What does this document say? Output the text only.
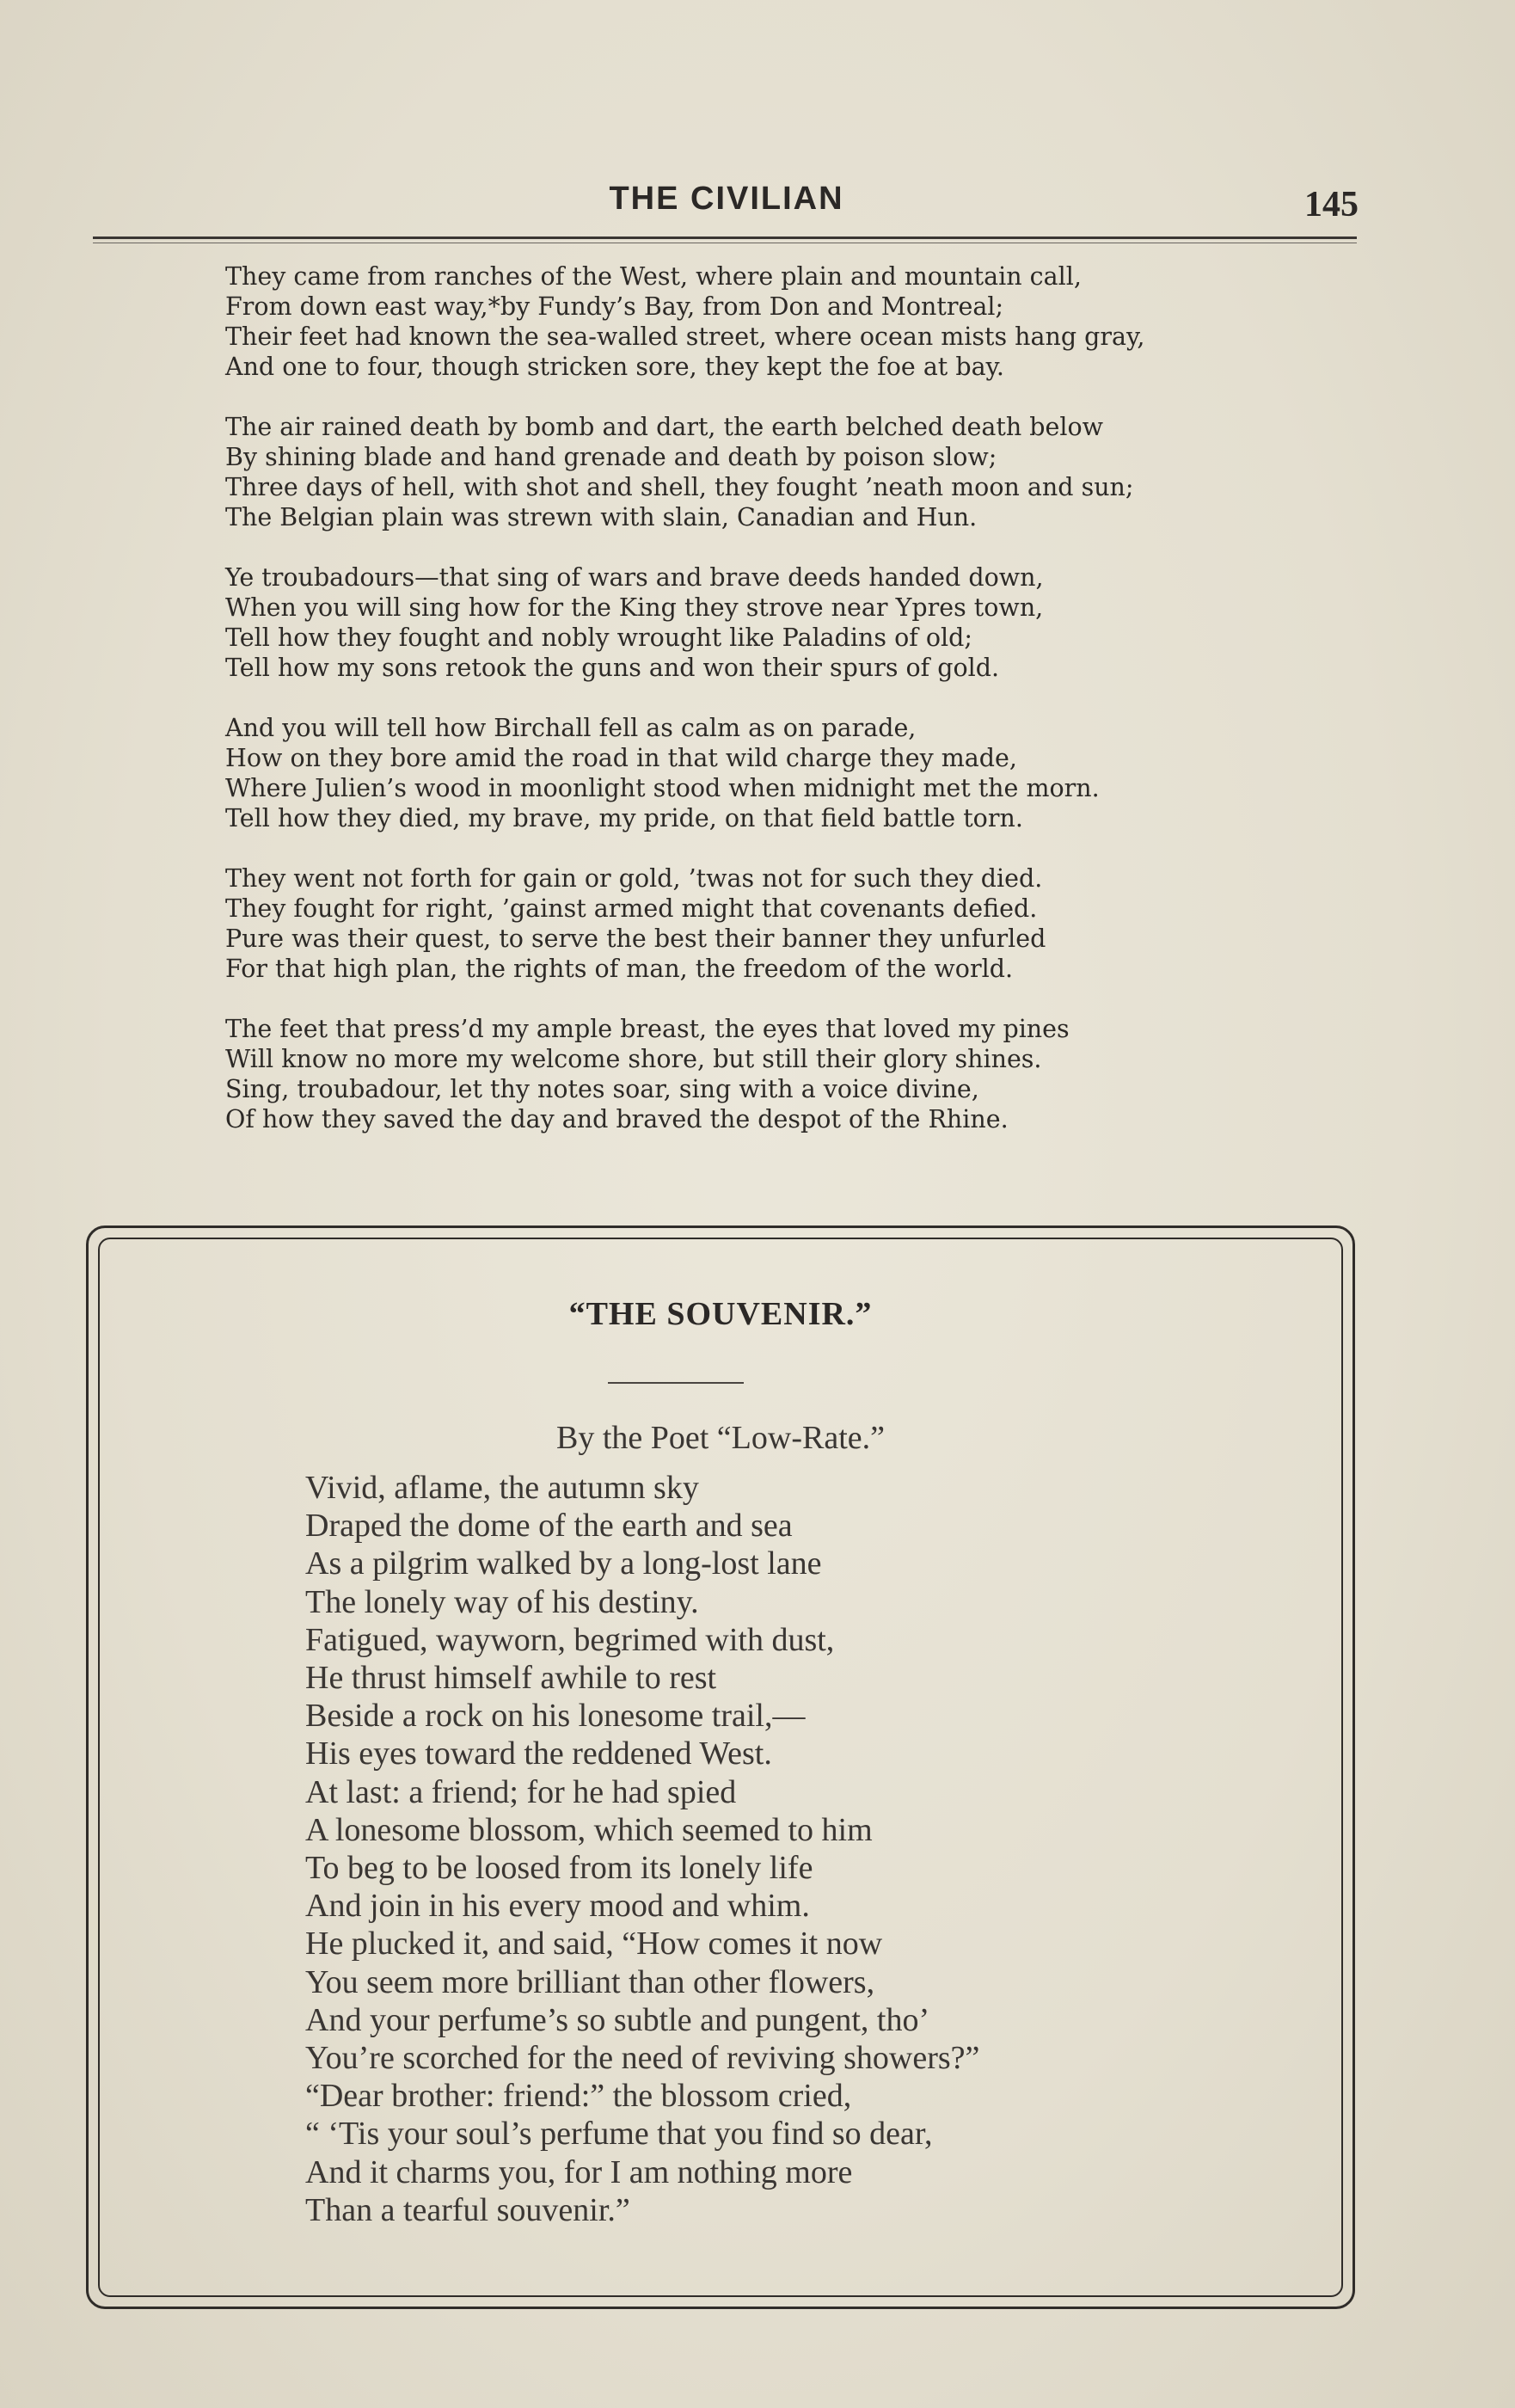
THE CIVILIAN	145
They came from ranches of the West, where plain and mountain call,
From down east way,*by Fundy’s Bay, from Don and Montreal;
Their feet had known the sea-walled street, where ocean mists hang gray,
And one to four, though stricken sore, they kept the foe at bay.
The air rained death by bomb and dart, the earth belched death below
By shining blade and hand grenade and death by poison slow;
Three days of hell, with shot and shell, they fought ’neath moon and sun;
The Belgian plain was strewn with slain, Canadian and Hun.
Ye troubadours—that sing of wars and brave deeds handed down,
When you will sing how for the King they strove near Ypres town,
Tell how they fought and nobly wrought like Paladins of old;
Tell how my sons retook the guns and won their spurs of gold.
And you will tell how Birchall fell as calm as on parade,
How on they bore amid the road in that wild charge they made,
Where Julien’s wood in moonlight stood when midnight met the morn.
Tell how they died, my brave, my pride, on that field battle torn.
They went not forth for gain or gold, ’twas not for such they died.
They fought for right, ’gainst armed might that covenants defied.
Pure was their quest, to serve the best their banner they unfurled
For that high plan, the rights of man, the freedom of the world.
The feet that press’d my ample breast, the eyes that loved my pines
Will know no more my welcome shore, but still their glory shines.
Sing, troubadour, let thy notes soar, sing with a voice divine,
Of how they saved the day and braved the despot of the Rhine.
“THE SOUVENIR.”
By the Poet “Low-Rate.”
Vivid, aflame, the autumn sky
Draped the dome of the earth and sea
As a pilgrim walked by a long-lost lane
The lonely way of his destiny.
Fatigued, wayworn, begrimed with dust,
He thrust himself awhile to rest
Beside a rock on his lonesome trail,—
His eyes toward the reddened West.
At last: a friend; for he had spied
A lonesome blossom, which seemed to him
To beg to be loosed from its lonely life
And join in his every mood and whim.
He plucked it, and said, “How comes it now
You seem more brilliant than other flowers,
And your perfume’s so subtle and pungent, tho’
You’re scorched for the need of reviving showers?”
“Dear brother: friend:” the blossom cried,
“ ‘Tis your soul’s perfume that you find so dear,
And it charms you, for I am nothing more
Than a tearful souvenir.”
